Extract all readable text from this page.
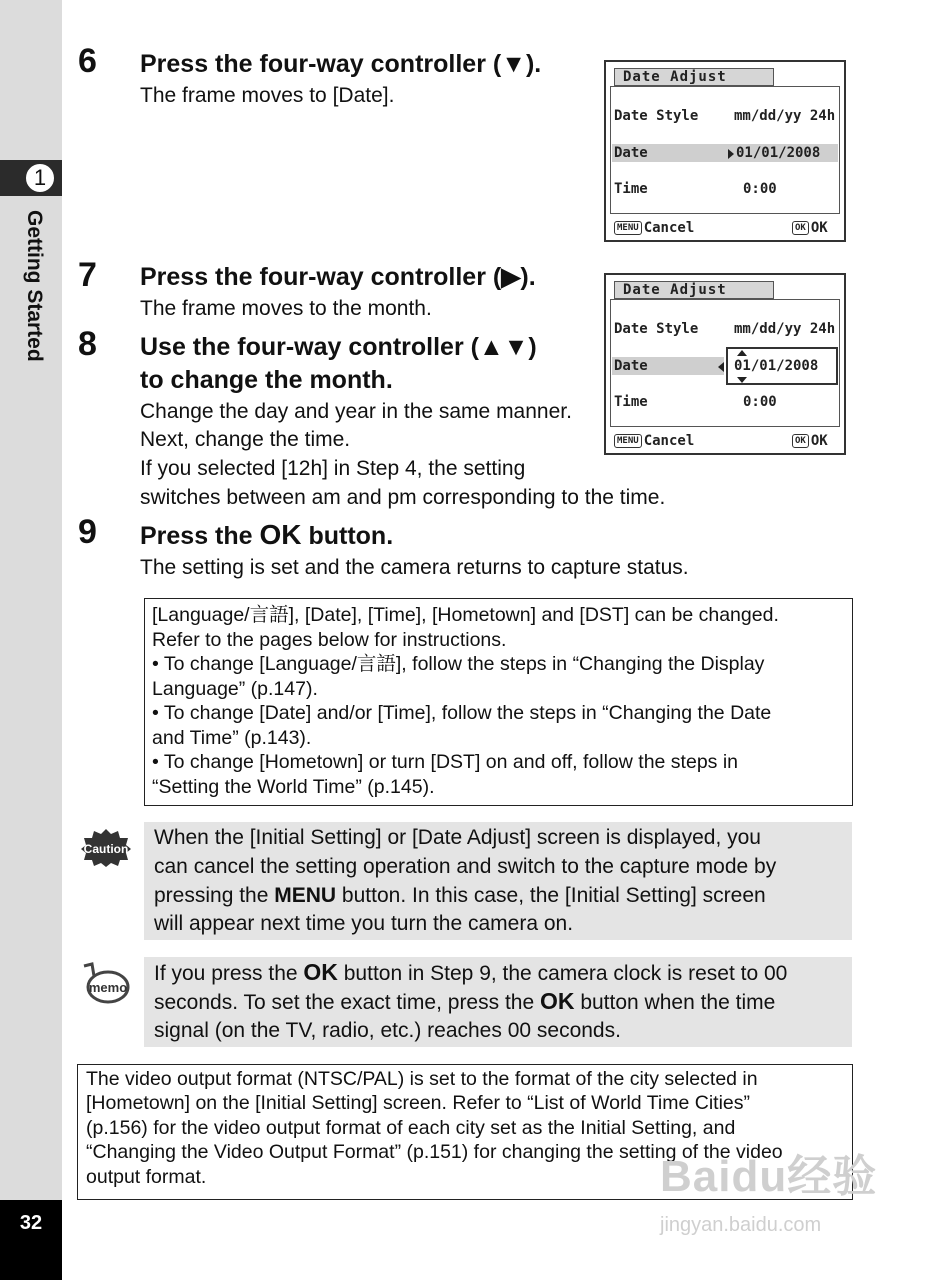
1
Getting Started
32
6 Press the four-way controller (▼).
The frame moves to [Date].
7 Press the four-way controller (▶).
The frame moves to the month.
8 Use the four-way controller (▲▼)
to change the month.
Change the day and year in the same manner.
Next, change the time.
If you selected [12h] in Step 4, the setting
switches between am and pm corresponding to the time.
9 Press the OK button.
The setting is set and the camera returns to capture status.
Date Adjust
Date Style	mm/dd/yy 24h
Date	01/01/2008
Time	0:00
MENU Cancel	OK OK
Date Adjust
Date Style	mm/dd/yy 24h
Date	01/01/2008
Time	0:00
MENU Cancel	OK OK
[Language/言語], [Date], [Time], [Hometown] and [DST] can be changed.
Refer to the pages below for instructions.
• To change [Language/言語], follow the steps in “Changing the Display
Language” (p.147).
• To change [Date] and/or [Time], follow the steps in “Changing the Date
and Time” (p.143).
• To change [Hometown] or turn [DST] on and off, follow the steps in
“Setting the World Time” (p.145).
Caution When the [Initial Setting] or [Date Adjust] screen is displayed, you
can cancel the setting operation and switch to the capture mode by
pressing the MENU button. In this case, the [Initial Setting] screen
will appear next time you turn the camera on.
memo
If you press the OK button in Step 9, the camera clock is reset to 00
seconds. To set the exact time, press the OK button when the time
signal (on the TV, radio, etc.) reaches 00 seconds.
The video output format (NTSC/PAL) is set to the format of the city selected in
[Hometown] on the [Initial Setting] screen. Refer to “List of World Time Cities”
(p.156) for the video output format of each city set as the Initial Setting, and
“Changing the Video Output Format” (p.151) for changing the setting of the video
output format.	Baidu经验
jingyan.baidu.com
